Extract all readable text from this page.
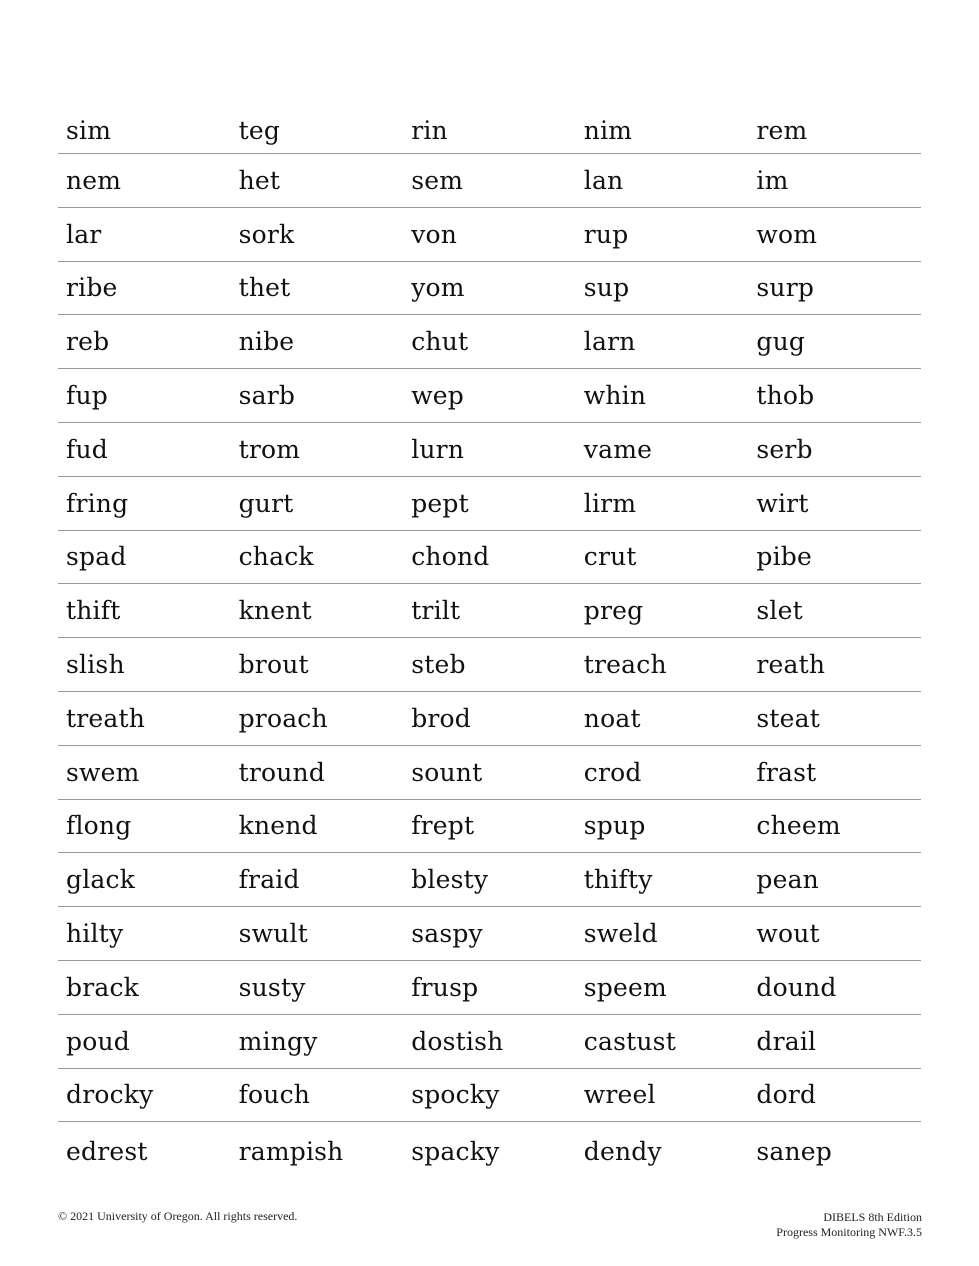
sim	teg	rin	nim	rem
nem	het	sem	lan	im
lar	sork	von	rup	wom
ribe	thet	yom	sup	surp
reb	nibe	chut	larn	gug
fup	sarb	wep	whin	thob
fud	trom	lurn	vame	serb
fring	gurt	pept	lirm	wirt
spad	chack	chond	crut	pibe
thift	knent	trilt	preg	slet
slish	brout	steb	treach	reath
treath	proach	brod	noat	steat
swem	tround	sount	crod	frast
flong	knend	frept	spup	cheem
glack	fraid	blesty	thifty	pean
hilty	swult	saspy	sweld	wout
brack	susty	frusp	speem	dound
poud	mingy	dostish	castust	drail
drocky	fouch	spocky	wreel	dord
edrest	rampish	spacky	dendy	sanep
© 2021 University of Oregon. All rights reserved.	DIBELS 8th Edition
Progress Monitoring NWF.3.5
